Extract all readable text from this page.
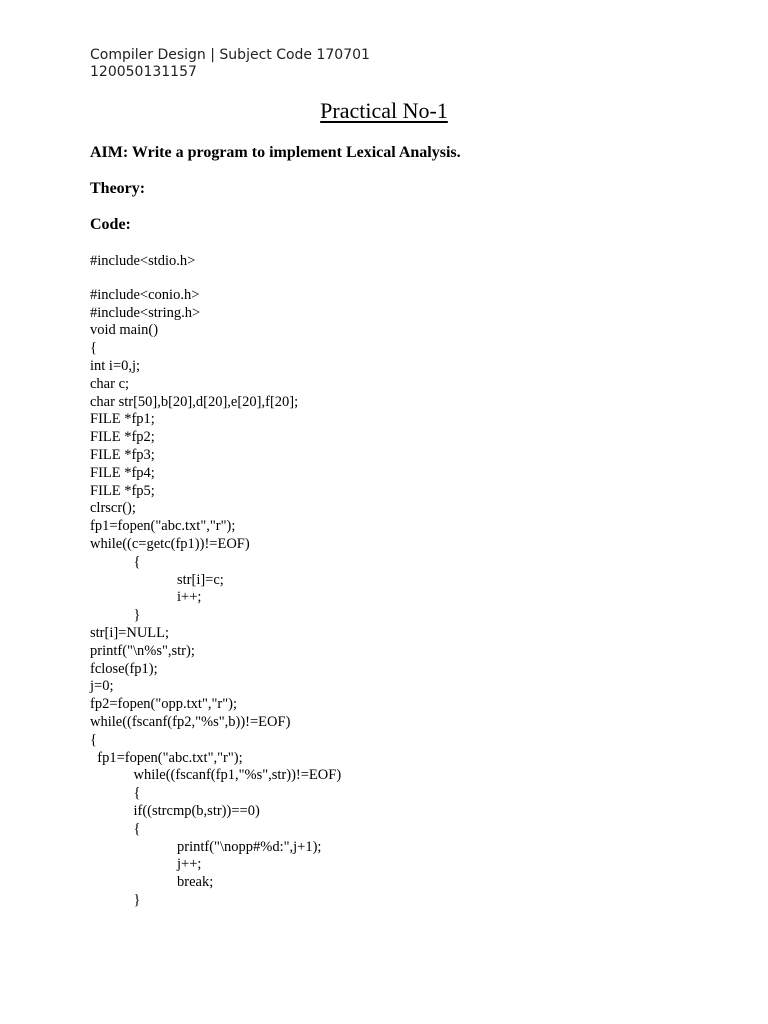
Compiler Design | Subject Code 170701
120050131157
Practical No-1
AIM: Write a program to implement Lexical Analysis.
Theory:
Code:
#include<stdio.h>
#include<conio.h>
#include<string.h>
void main()
{
int i=0,j;
char c;
char str[50],b[20],d[20],e[20],f[20];
FILE *fp1;
FILE *fp2;
FILE *fp3;
FILE *fp4;
FILE *fp5;
clrscr();
fp1=fopen("abc.txt","r");
while((c=getc(fp1))!=EOF)
{
str[i]=c;
i++;
}
str[i]=NULL;
printf("\n%s",str);
fclose(fp1);
j=0;
fp2=fopen("opp.txt","r");
while((fscanf(fp2,"%s",b))!=EOF)
{
fp1=fopen("abc.txt","r");
while((fscanf(fp1,"%s",str))!=EOF)
{
if((strcmp(b,str))==0)
{
printf("\nopp#%d:",j+1);
j++;
break;
}
